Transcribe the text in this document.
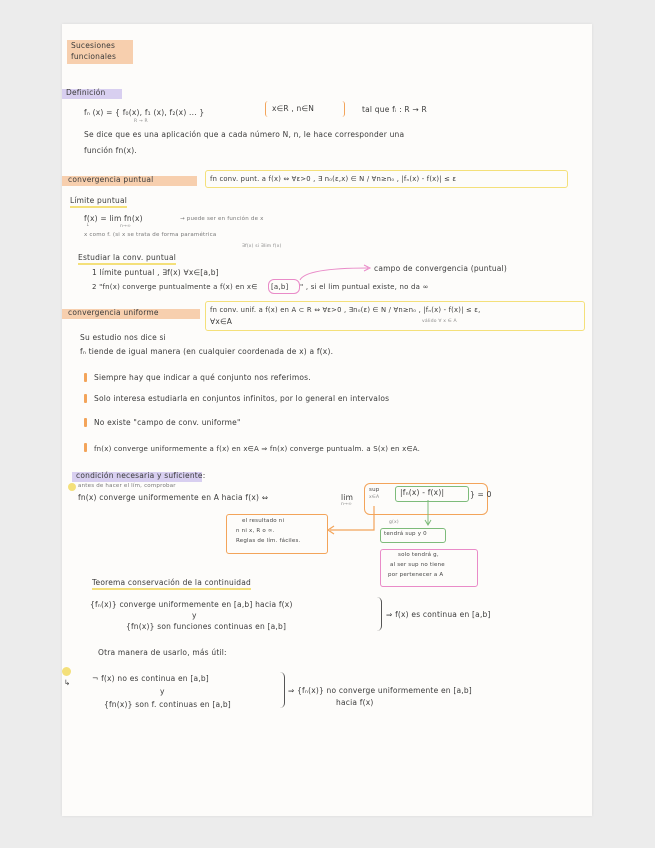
Sucesiones
funcionales
Definición
fₙ (x) = { f₀(x), f₁ (x), f₂(x) ... }
R → R
x∈R , n∈N	tal que fᵢ : R → R
Se dice que es una aplicación que a cada número N, n, le hace corresponder una
función fn(x).
convergencia puntual	fn conv. punt. a f(x) ⇔ ∀ε>0 , ∃ n₀(ε,x) ∈ N / ∀n≥n₀ , |fₙ(x) - f(x)| ≤ ε
Límite puntual
f(x) = lim fn(x)
n→∞
→ puede ser en función de x
↓
x como f. (si x se trata de forma paramétrica
∃f(x) si ∃lim f(x)
Estudiar la conv. puntual
1 límite puntual , ∃f(x) ∀x∈[a,b]
2 "fn(x) converge puntualmente a f(x) en x∈ [a,b] " , si el lim puntual existe, no da ∞
campo de convergencia (puntual)
convergencia uniforme	fn conv. unif. a f(x) en A ⊂ R ⇔ ∀ε>0 , ∃n₀(ε) ∈ N / ∀n≥n₀ , |fₙ(x) - f(x)| ≤ ε,
∀x∈A	válido ∀ x ∈ A
Su estudio nos dice si
fₙ tiende de igual manera (en cualquier coordenada de x) a f(x).
Siempre hay que indicar a qué conjunto nos referimos.
Solo interesa estudiarla en conjuntos infinitos, por lo general en intervalos
No existe "campo de conv. uniforme"
fn(x) converge uniformemente a f(x) en x∈A ⇒ fn(x) converge puntualm. a S(x) en x∈A.
condición necesaria y suficiente:
antes de hacer el lím, comprobar
fn(x) converge uniformemente en A hacia f(x) ⇔	lim
n→∞
sup
x∈A
|fₙ(x) - f(x)|	} = 0
el resultado ni
n ni x, R o ∞.
Reglas de lím. fáciles.
g(x)
tendrá sup y 0
solo tendrá g,
al ser sup no tiene
por pertenecer a A
Teorema conservación de la continuidad
{fₙ(x)} converge uniformemente en [a,b] hacia f(x)
y
{fn(x)} son funciones continuas en [a,b]
⇒ f(x) es continua en [a,b]
Otra manera de usarlo, más útil:
↳	¬ f(x) no es continua en [a,b]
y
{fn(x)} son f. continuas en [a,b]
⇒ {fₙ(x)} no converge uniformemente en [a,b]
hacia f(x)
